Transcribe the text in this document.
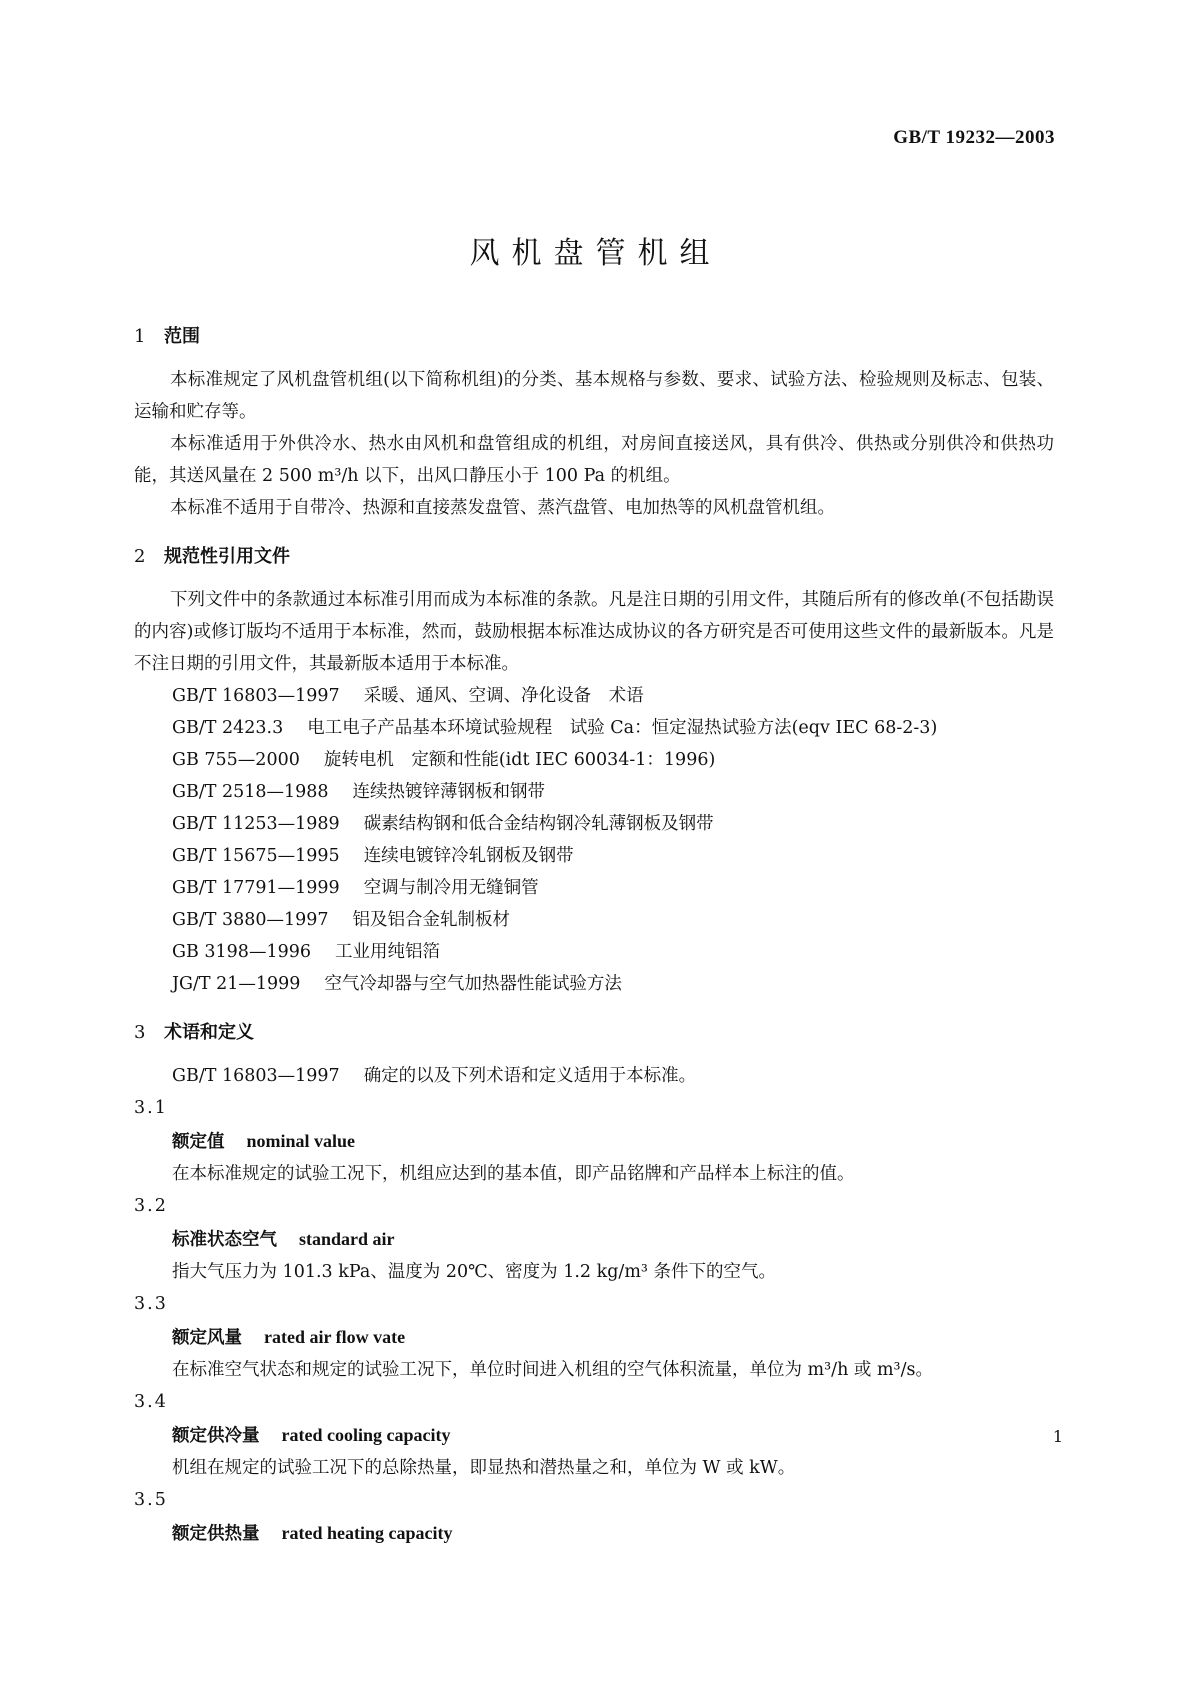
GB/T 19232—2003
风机盘管机组
1 范围

本标准规定了风机盘管机组(以下简称机组)的分类、基本规格与参数、要求、试验方法、检验规则及标志、包装、运输和贮存等。

本标准适用于外供冷水、热水由风机和盘管组成的机组，对房间直接送风，具有供冷、供热或分别供冷和供热功能，其送风量在 2 500 m³/h 以下，出风口静压小于 100 Pa 的机组。

本标准不适用于自带冷、热源和直接蒸发盘管、蒸汽盘管、电加热等的风机盘管机组。

2 规范性引用文件

下列文件中的条款通过本标准引用而成为本标准的条款。凡是注日期的引用文件，其随后所有的修改单(不包括勘误的内容)或修订版均不适用于本标准，然而，鼓励根据本标准达成协议的各方研究是否可使用这些文件的最新版本。凡是不注日期的引用文件，其最新版本适用于本标准。

GB/T 16803—1997 采暖、通风、空调、净化设备　术语
GB/T 2423.3 电工电子产品基本环境试验规程　试验 Ca：恒定湿热试验方法(eqv IEC 68-2-3)
GB 755—2000 旋转电机　定额和性能(idt IEC 60034-1：1996)
GB/T 2518—1988 连续热镀锌薄钢板和钢带
GB/T 11253—1989 碳素结构钢和低合金结构钢冷轧薄钢板及钢带
GB/T 15675—1995 连续电镀锌冷轧钢板及钢带
GB/T 17791—1999 空调与制冷用无缝铜管
GB/T 3880—1997 铝及铝合金轧制板材
GB 3198—1996 工业用纯铝箔
JG/T 21—1999 空气冷却器与空气加热器性能试验方法
3 术语和定义
GB/T 16803—1997 确定的以及下列术语和定义适用于本标准。
3.1
额定值 nominal value
在本标准规定的试验工况下，机组应达到的基本值，即产品铭牌和产品样本上标注的值。
3.2
标准状态空气 standard air
指大气压力为 101.3 kPa、温度为 20℃、密度为 1.2 kg/m³ 条件下的空气。
3.3
额定风量 rated air flow vate
在标准空气状态和规定的试验工况下，单位时间进入机组的空气体积流量，单位为 m³/h 或 m³/s。
3.4
额定供冷量 rated cooling capacity
机组在规定的试验工况下的总除热量，即显热和潜热量之和，单位为 W 或 kW。
3.5
额定供热量 rated heating capacity
1
